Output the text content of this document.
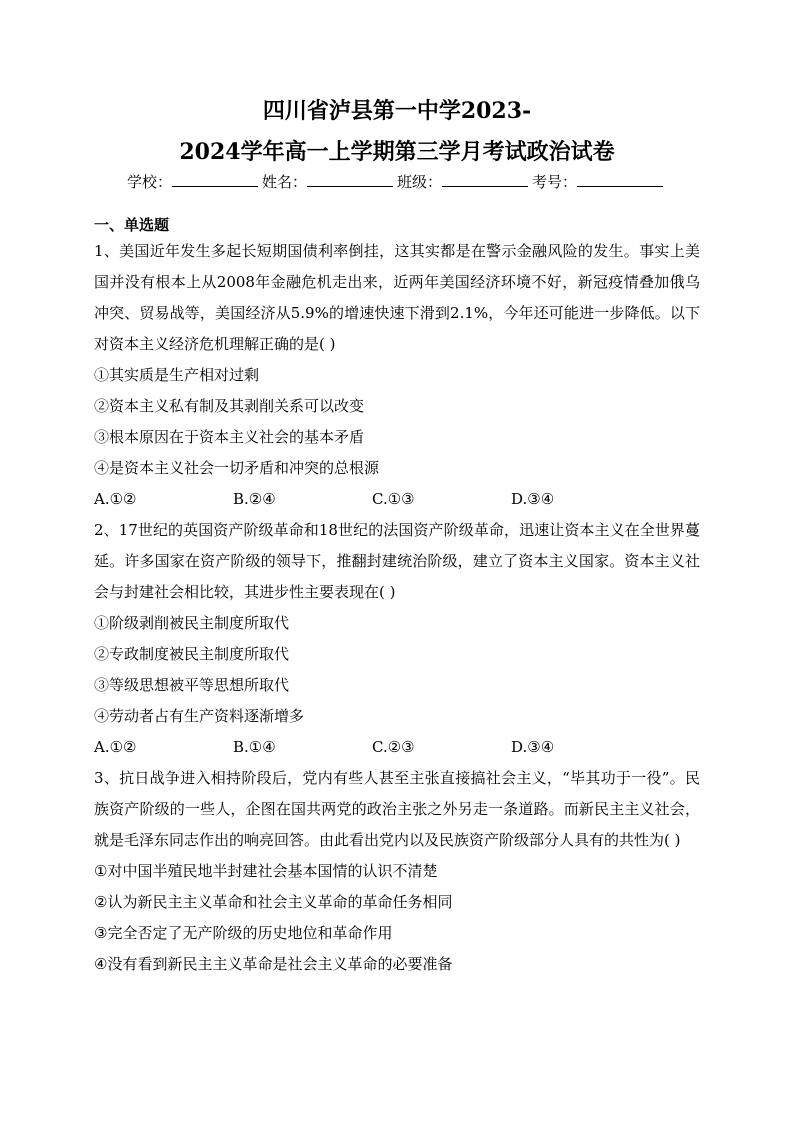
四川省泸县第一中学2023-
2024学年高一上学期第三学月考试政治试卷
学校：	姓名：	班级：	考号：

一、单选题

1、美国近年发生多起长短期国债利率倒挂，这其实都是在警示金融风险的发生。事实上美国并没有根本上从2008年金融危机走出来，近两年美国经济环境不好，新冠疫情叠加俄乌冲突、贸易战等，美国经济从5.9%的增速快速下滑到2.1%，今年还可能进一步降低。以下对资本主义经济危机理解正确的是( )

①其实质是生产相对过剩

②资本主义私有制及其剥削关系可以改变

③根本原因在于资本主义社会的基本矛盾

④是资本主义社会一切矛盾和冲突的总根源

A.①②	B.②④	C.①③	D.③④

2、17世纪的英国资产阶级革命和18世纪的法国资产阶级革命，迅速让资本主义在全世界蔓延。许多国家在资产阶级的领导下，推翻封建统治阶级，建立了资本主义国家。资本主义社会与封建社会相比较，其进步性主要表现在( )

①阶级剥削被民主制度所取代

②专政制度被民主制度所取代

③等级思想被平等思想所取代

④劳动者占有生产资料逐渐增多

A.①②	B.①④	C.②③	D.③④

3、抗日战争进入相持阶段后，党内有些人甚至主张直接搞社会主义，“毕其功于一役”。民族资产阶级的一些人，企图在国共两党的政治主张之外另走一条道路。而新民主主义社会，就是毛泽东同志作出的响亮回答。由此看出党内以及民族资产阶级部分人具有的共性为( )

①对中国半殖民地半封建社会基本国情的认识不清楚

②认为新民主主义革命和社会主义革命的革命任务相同

③完全否定了无产阶级的历史地位和革命作用

④没有看到新民主主义革命是社会主义革命的必要准备
